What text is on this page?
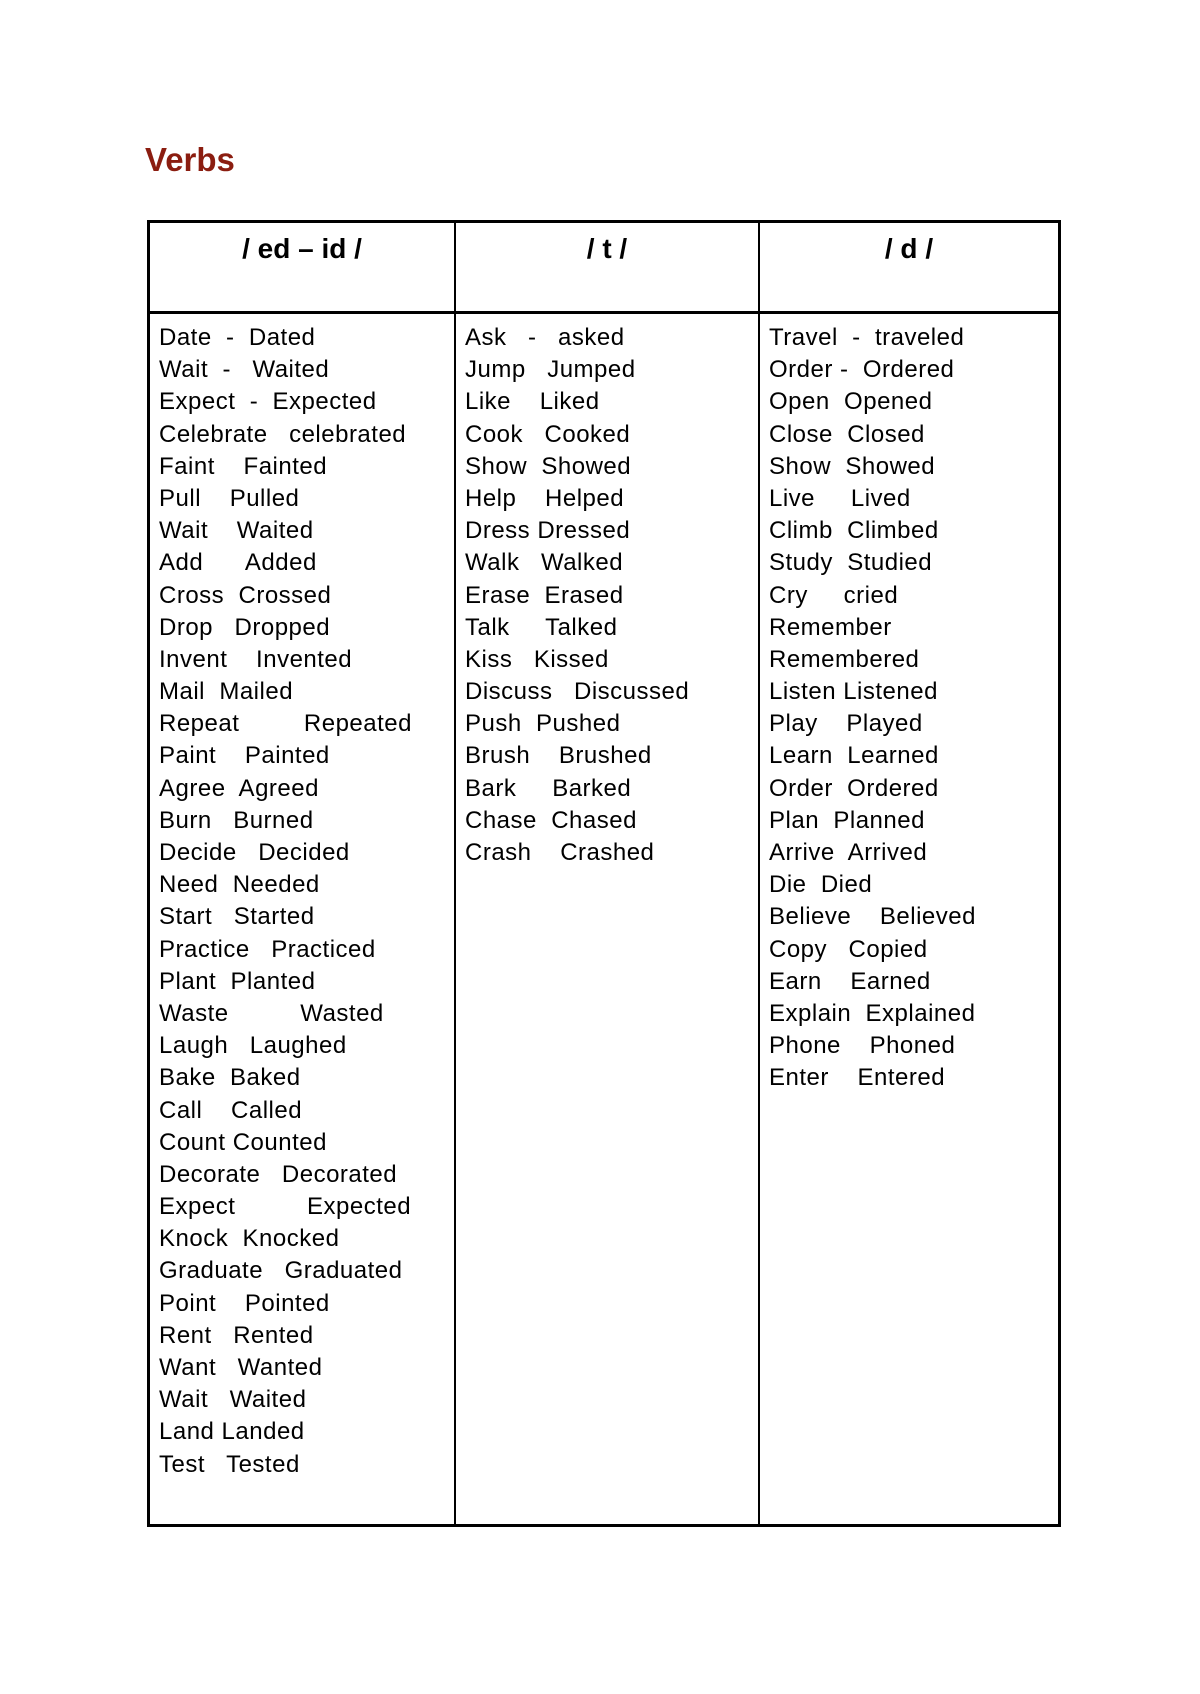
Verbs
/ ed – id /	/ t /	/ d /
Date  -  Dated
Wait  -   Waited
Expect  -  Expected
Celebrate   celebrated
Faint    Fainted
Pull    Pulled
Wait    Waited
Add      Added
Cross  Crossed
Drop   Dropped
Invent    Invented
Mail  Mailed
Repeat         Repeated
Paint    Painted
Agree  Agreed
Burn   Burned
Decide   Decided
Need  Needed
Start   Started
Practice   Practiced
Plant  Planted
Waste          Wasted
Laugh   Laughed
Bake  Baked
Call    Called
Count Counted
Decorate   Decorated
Expect          Expected
Knock  Knocked
Graduate   Graduated
Point    Pointed
Rent   Rented
Want   Wanted
Wait   Waited
Land Landed
Test   Tested
Ask   -   asked
Jump   Jumped
Like    Liked
Cook   Cooked
Show  Showed
Help    Helped
Dress Dressed
Walk   Walked
Erase  Erased
Talk     Talked
Kiss   Kissed
Discuss   Discussed
Push  Pushed
Brush    Brushed
Bark     Barked
Chase  Chased
Crash    Crashed
Travel  -  traveled
Order -  Ordered
Open  Opened
Close  Closed
Show  Showed
Live     Lived
Climb  Climbed
Study  Studied
Cry     cried
Remember
Remembered
Listen Listened
Play    Played
Learn  Learned
Order  Ordered
Plan  Planned
Arrive  Arrived
Die  Died
Believe    Believed
Copy   Copied
Earn    Earned
Explain  Explained
Phone    Phoned
Enter    Entered
